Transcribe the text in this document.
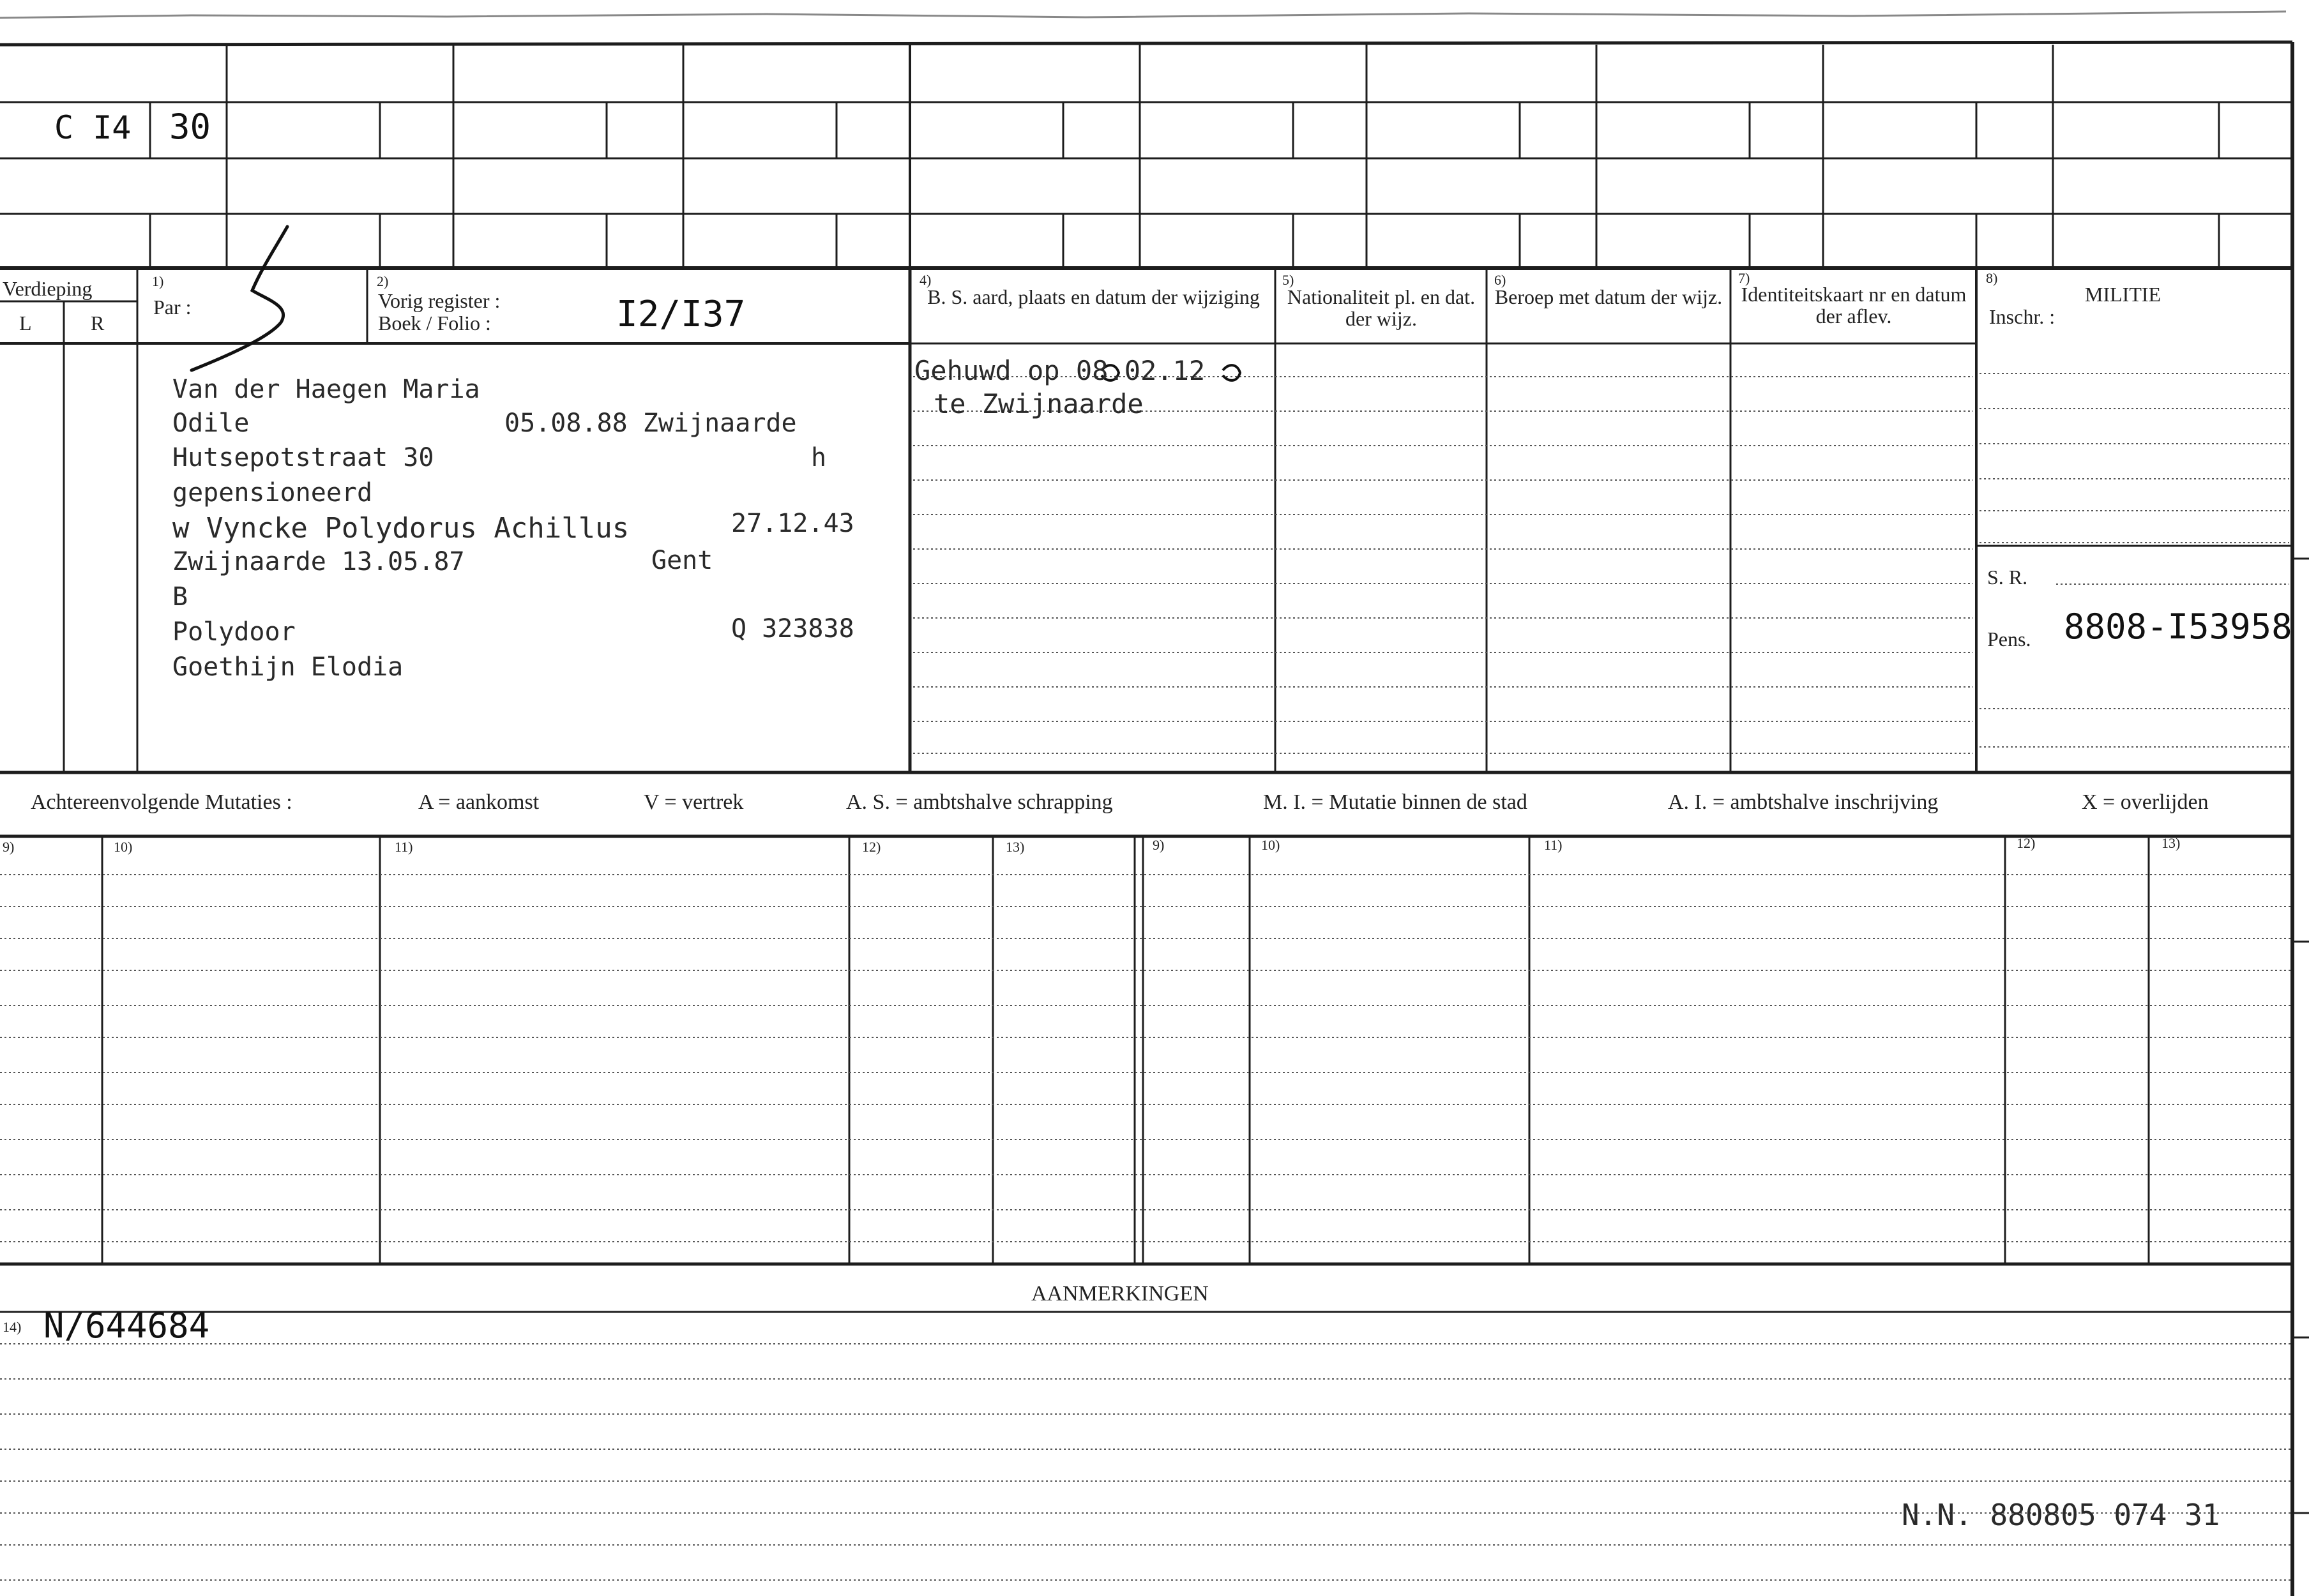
C I4 30
Verdieping
L	R
1)
Par :
2)
Vorig register :
Boek / Folio :	I2/I37
4)
B. S. aard, plaats en datum der wijziging
5)
Nationaliteit pl. en dat. der wijz.
6)
Beroep met datum der wijz.
7)
Identiteitskaart nr en datum der aflev.
8)
MILITIE
Inschr. :
S. R.
Pens. 8808-I53958
Van der Haegen Maria
Odile	05.08.88 Zwijnaarde
Hutsepotstraat 30	h
gepensioneerd
w Vyncke Polydorus Achillus	27.12.43
Zwijnaarde 13.05.87	Gent
B
Polydoor	Q 323838
Goethijn Elodia
Gehuwd op 08.02.12
te Zwijnaarde
Achtereenvolgende Mutaties :	A = aankomst	V = vertrek	A. S. = ambtshalve schrapping	M. I. = Mutatie binnen de stad	A. I. = ambtshalve inschrijving	X = overlijden
9)	10)	11)	12)	13)	9)	10)	11)	12)	13)
AANMERKINGEN
14) N/644684
N.N. 880805 074 31
